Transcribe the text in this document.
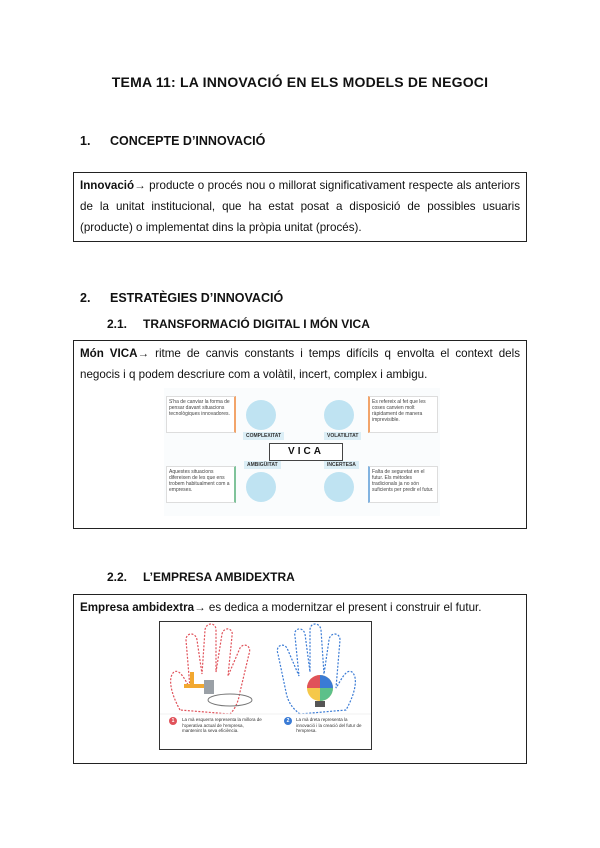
TEMA 11: LA INNOVACIÓ EN ELS MODELS DE NEGOCI
1. CONCEPTE D’INNOVACIÓ
Innovació→ producte o procés nou o millorat significativament respecte als anteriors de la unitat institucional, que ha estat posat a disposició de possibles usuaris (producte) o implementat dins la pròpia unitat (procés).
2. ESTRATÈGIES D’INNOVACIÓ
2.1. TRANSFORMACIÓ DIGITAL I MÓN VICA
Món VICA→ ritme de canvis constants i temps difícils q envolta el context dels negocis i q podem descriure com a volàtil, incert, complex i ambigu.
S'ha de canviar la forma de pensar davant situacions tecnològiques innovadores.
Aquestes situacions difereixen de les que ens trobem habitualment com a empreses.
Es refereix al fet que les coses canvien molt ràpidament de manera imprevisible.
Falta de seguretat en el futur. Els mètodes tradicionals ja no són suficients per predir el futur.
COMPLEXITAT	VOLATILITAT
AMBIGÜITAT	INCERTESA
VICA
2.2. L’EMPRESA AMBIDEXTRA
Empresa ambidextra→ es dedica a modernitzar el present i construir el futur.
1	La mà esquerra representa la millora de l'operativa actual de l'empresa, mantenint la seva eficiència.
2	La mà dreta representa la innovació i la creació del futur de l'empresa.
